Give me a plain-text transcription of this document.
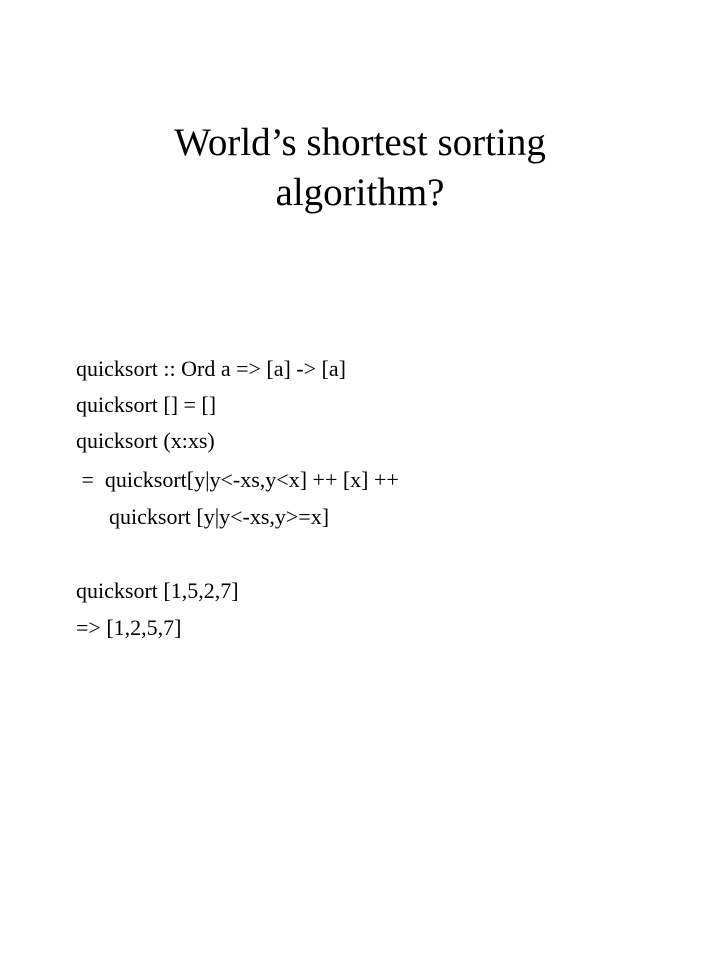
World’s shortest sorting
algorithm?
quicksort :: Ord a => [a] -> [a]
quicksort [] = []
quicksort (x:xs)
=  quicksort[y|y<-xs,y<x] ++ [x] ++
quicksort [y|y<-xs,y>=x]
quicksort [1,5,2,7]
=> [1,2,5,7]
